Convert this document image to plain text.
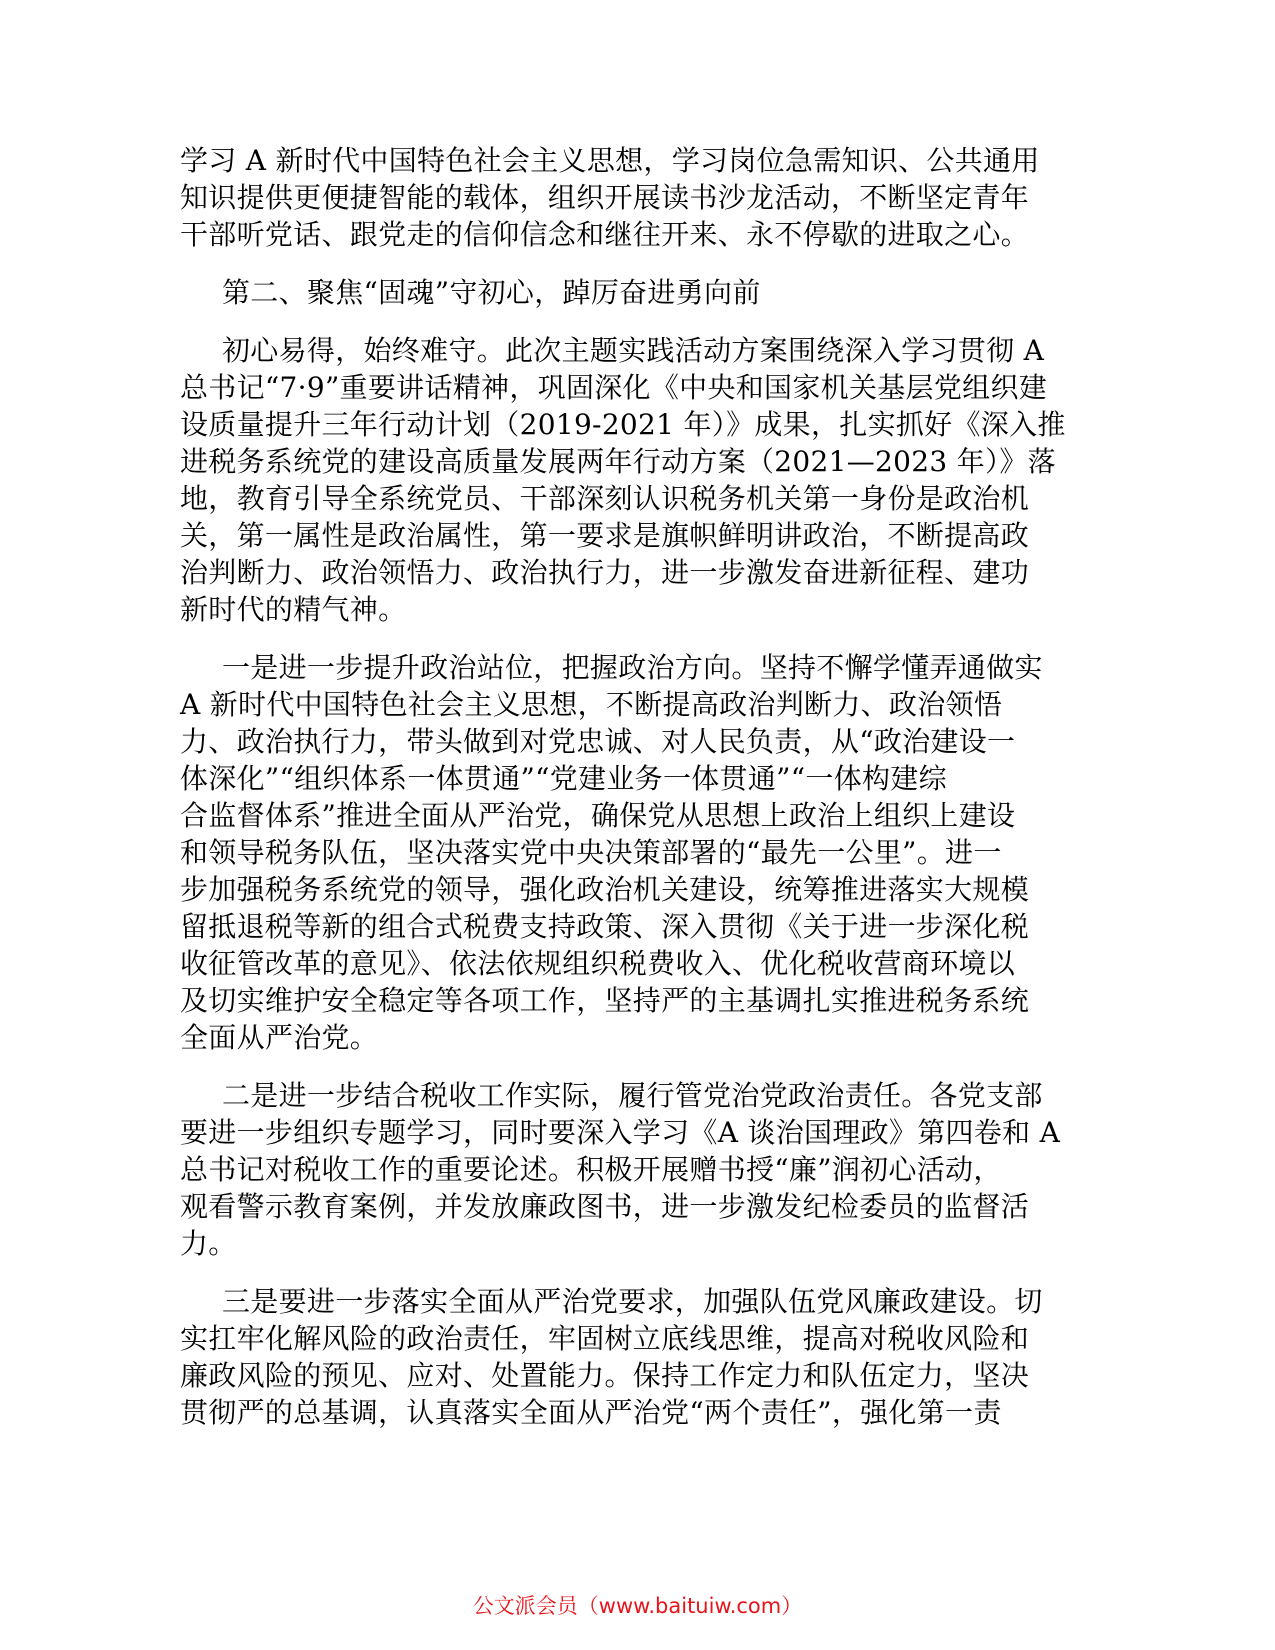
学习 A 新时代中国特色社会主义思想，学习岗位急需知识、公共通用
知识提供更便捷智能的载体，组织开展读书沙龙活动，不断坚定青年
干部听党话、跟党走的信仰信念和继往开来、永不停歇的进取之心。
第二、聚焦“固魂”守初心，踔厉奋进勇向前
初心易得，始终难守。此次主题实践活动方案围绕深入学习贯彻 A
总书记“7·9”重要讲话精神，巩固深化《中央和国家机关基层党组织建
设质量提升三年行动计划（2019-2021 年）》成果，扎实抓好《深入推
进税务系统党的建设高质量发展两年行动方案（2021—2023 年）》落
地，教育引导全系统党员、干部深刻认识税务机关第一身份是政治机
关，第一属性是政治属性，第一要求是旗帜鲜明讲政治，不断提高政
治判断力、政治领悟力、政治执行力，进一步激发奋进新征程、建功
新时代的精气神。
一是进一步提升政治站位，把握政治方向。坚持不懈学懂弄通做实
A 新时代中国特色社会主义思想，不断提高政治判断力、政治领悟
力、政治执行力，带头做到对党忠诚、对人民负责，从“政治建设一
体深化”“组织体系一体贯通”“党建业务一体贯通”“一体构建综
合监督体系”推进全面从严治党，确保党从思想上政治上组织上建设
和领导税务队伍，坚决落实党中央决策部署的“最先一公里”。进一
步加强税务系统党的领导，强化政治机关建设，统筹推进落实大规模
留抵退税等新的组合式税费支持政策、深入贯彻《关于进一步深化税
收征管改革的意见》、依法依规组织税费收入、优化税收营商环境以
及切实维护安全稳定等各项工作，坚持严的主基调扎实推进税务系统
全面从严治党。
二是进一步结合税收工作实际，履行管党治党政治责任。各党支部
要进一步组织专题学习，同时要深入学习《A 谈治国理政》第四卷和 A
总书记对税收工作的重要论述。积极开展赠书授“廉”润初心活动，
观看警示教育案例，并发放廉政图书，进一步激发纪检委员的监督活
力。
三是要进一步落实全面从严治党要求，加强队伍党风廉政建设。切
实扛牢化解风险的政治责任，牢固树立底线思维，提高对税收风险和
廉政风险的预见、应对、处置能力。保持工作定力和队伍定力，坚决
贯彻严的总基调，认真落实全面从严治党“两个责任”，强化第一责
公文派会员（www.baituiw.com）
